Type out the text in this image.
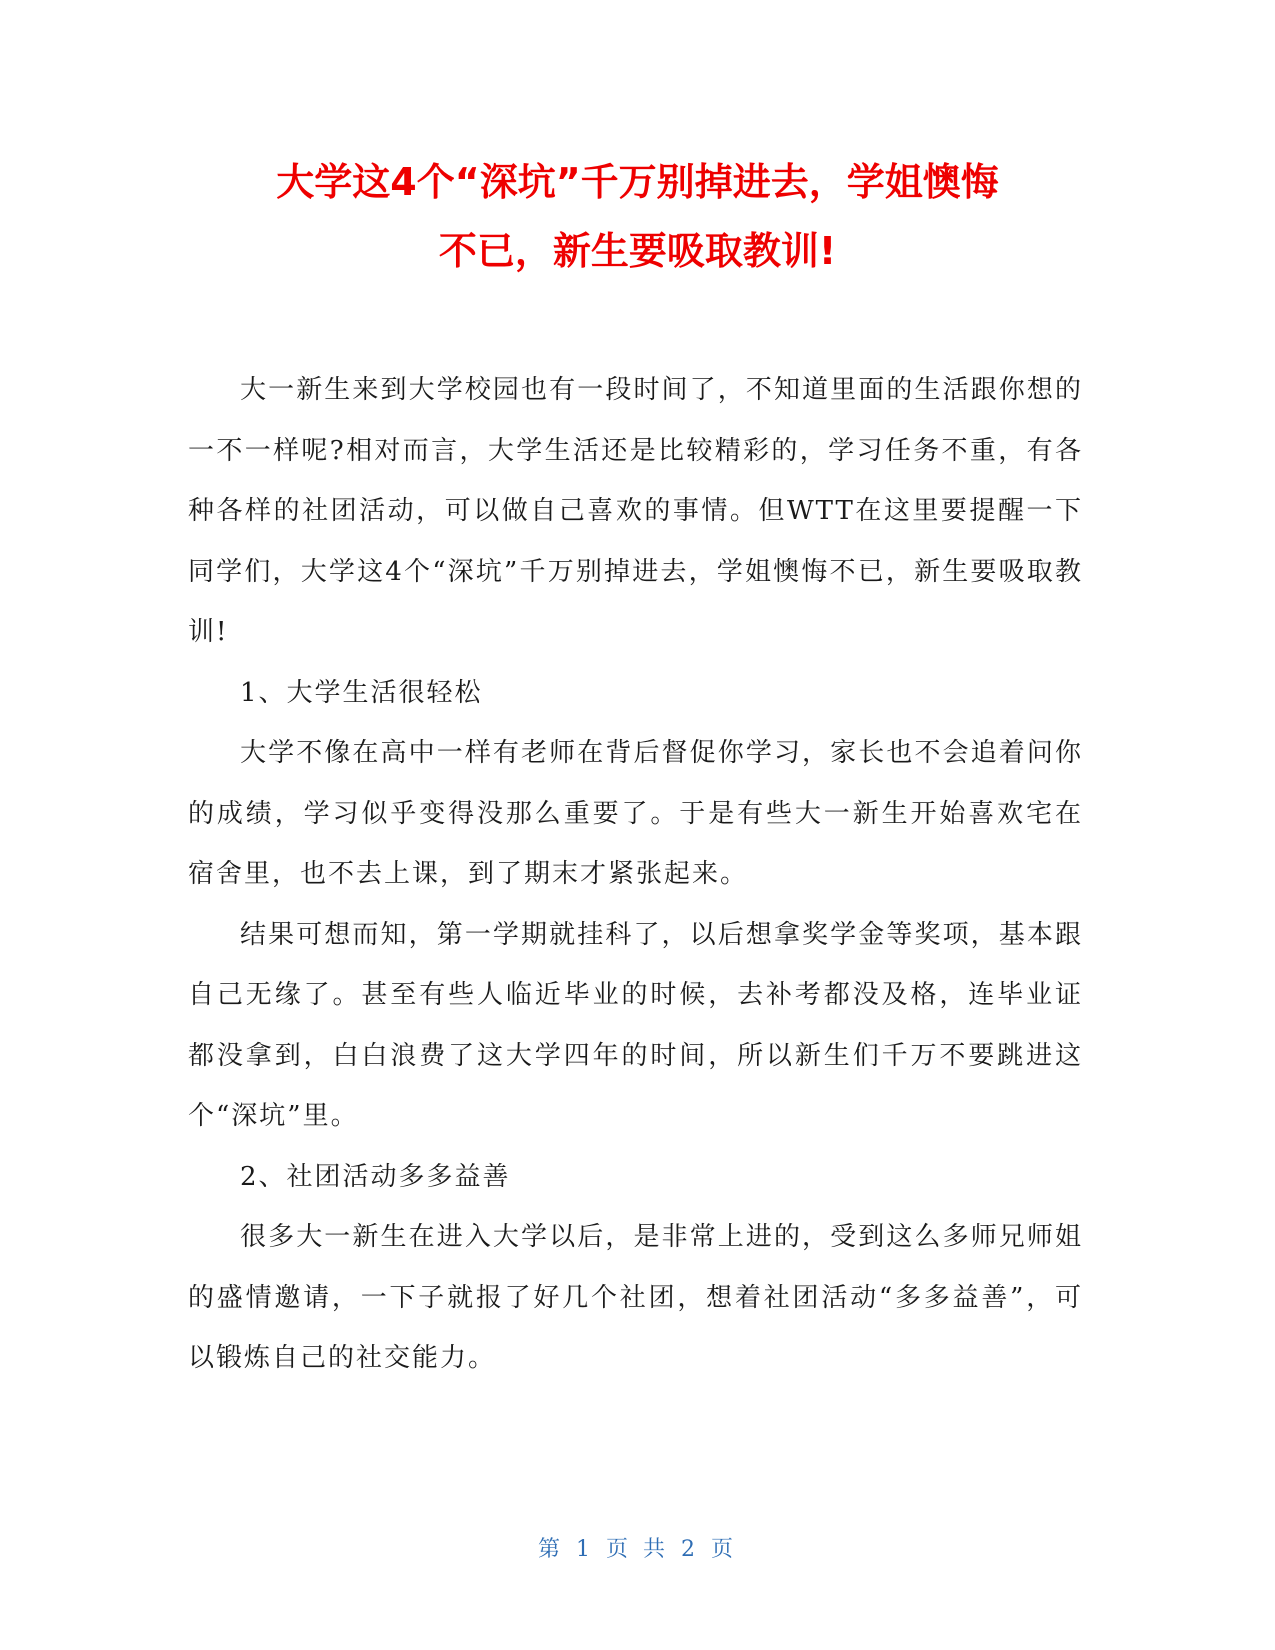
大学这4个“深坑”千万别掉进去，学姐懊悔
不已，新生要吸取教训!

大一新生来到大学校园也有一段时间了，不知道里面的生活跟你想的一不一样呢?相对而言，大学生活还是比较精彩的，学习任务不重，有各种各样的社团活动，可以做自己喜欢的事情。但WTT在这里要提醒一下同学们，大学这4个“深坑”千万别掉进去，学姐懊悔不已，新生要吸取教训!

1、大学生活很轻松

大学不像在高中一样有老师在背后督促你学习，家长也不会追着问你的成绩，学习似乎变得没那么重要了。于是有些大一新生开始喜欢宅在宿舍里，也不去上课，到了期末才紧张起来。

结果可想而知，第一学期就挂科了，以后想拿奖学金等奖项，基本跟自己无缘了。甚至有些人临近毕业的时候，去补考都没及格，连毕业证都没拿到，白白浪费了这大学四年的时间，所以新生们千万不要跳进这个“深坑”里。

2、社团活动多多益善

很多大一新生在进入大学以后，是非常上进的，受到这么多师兄师姐的盛情邀请，一下子就报了好几个社团，想着社团活动“多多益善”，可以锻炼自己的社交能力。

第 1 页 共 2 页
